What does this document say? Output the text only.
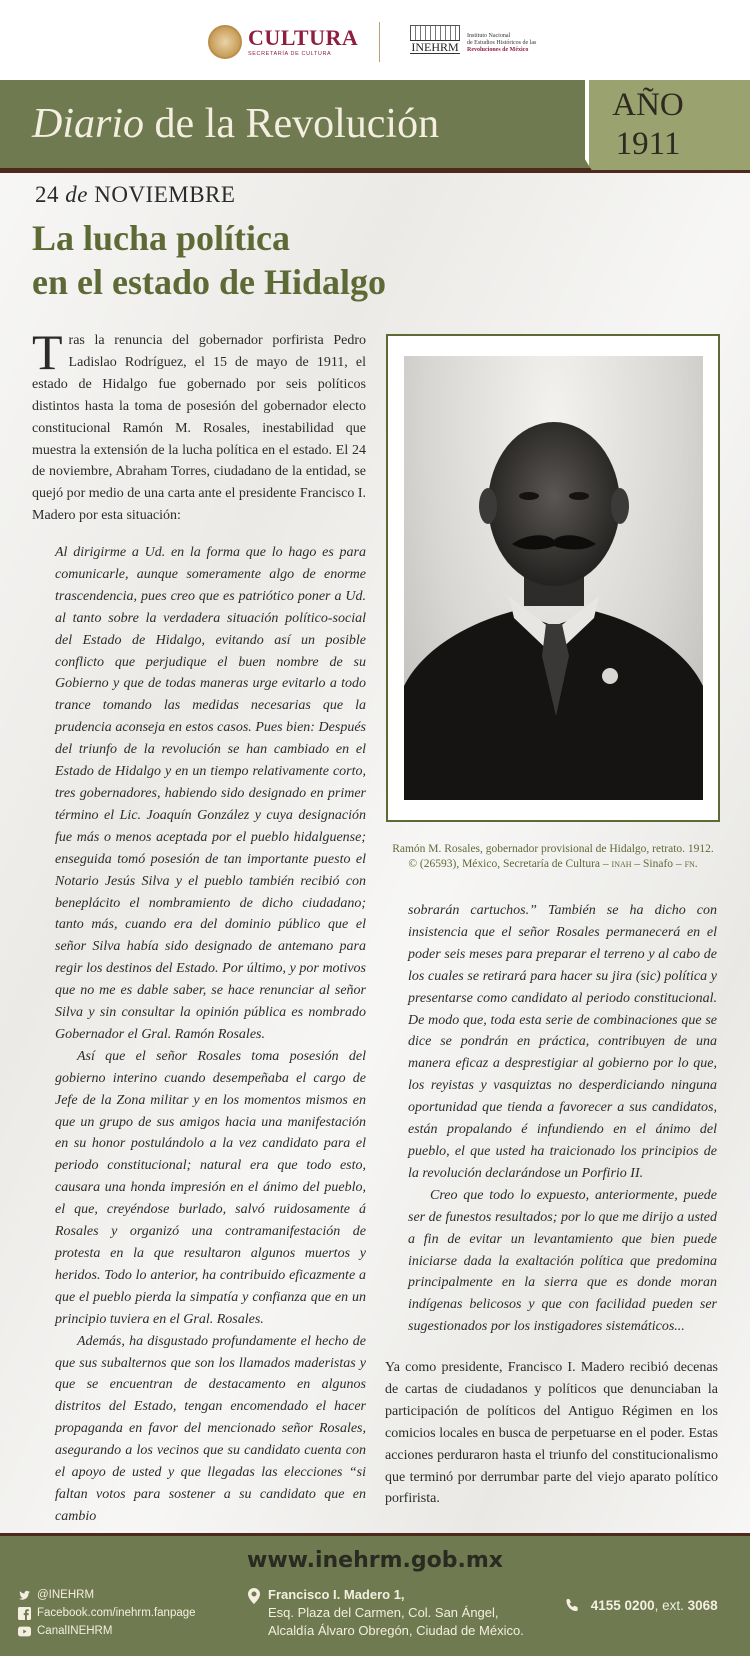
CULTURA
SECRETARÍA DE CULTURA	INEHRM
Instituto Nacional
de Estudios Históricos de las
Revoluciones de México
Diario de la Revolución	AÑO
1911
24 de NOVIEMBRE
La lucha política
en el estado de Hidalgo
Tras la renuncia del gobernador porfirista Pedro Ladislao Rodríguez, el 15 de mayo de 1911, el estado de Hidalgo fue gobernado por seis políticos distintos hasta la toma de posesión del gobernador electo constitucional Ramón M. Rosales, inestabilidad que muestra la extensión de la lucha política en el estado. El 24 de noviembre, Abraham Torres, ciudadano de la entidad, se quejó por medio de una carta ante el presidente Francisco I. Madero por esta situación:

Al dirigirme a Ud. en la forma que lo hago es para comunicarle, aunque someramente algo de enorme trascendencia, pues creo que es patriótico poner a Ud. al tanto sobre la verdadera situación político-social del Estado de Hidalgo, evitando así un posible conflicto que perjudique el buen nombre de su Gobierno y que de todas maneras urge evitarlo a todo trance tomando las medidas necesarias que la prudencia aconseja en estos casos. Pues bien: Después del triunfo de la revolución se han cambiado en el Estado de Hidalgo y en un tiempo relativamente corto, tres gobernadores, habiendo sido designado en primer término el Lic. Joaquín González y cuya designación fue más o menos aceptada por el pueblo hidalguense; enseguida tomó posesión de tan importante puesto el Notario Jesús Silva y el pueblo también recibió con beneplácito el nombramiento de dicho ciudadano; tanto más, cuando era del dominio público que el señor Silva había sido designado de antemano para regir los destinos del Estado. Por último, y por motivos que no me es dable saber, se hace renunciar al señor Silva y sin consultar la opinión pública es nombrado Gobernador el Gral. Ramón Rosales.

Así que el señor Rosales toma posesión del gobierno interino cuando desempeñaba el cargo de Jefe de la Zona militar y en los momentos mismos en que un grupo de sus amigos hacia una manifestación en su honor postulándolo a la vez candidato para el periodo constitucional; natural era que todo esto, causara una honda impresión en el ánimo del pueblo, el que, creyéndose burlado, salvó ruidosamente á Rosales y organizó una contramanifestación de protesta en la que resultaron algunos muertos y heridos. Todo lo anterior, ha contribuido eficazmente a que el pueblo pierda la simpatía y confianza que en un principio tuviera en el Gral. Rosales.

Además, ha disgustado profundamente el hecho de que sus subalternos que son los llamados maderistas y que se encuentran de destacamento en algunos distritos del Estado, tengan encomendado el hacer propaganda en favor del mencionado señor Rosales, asegurando a los vecinos que su candidato cuenta con el apoyo de usted y que llegadas las elecciones “si faltan votos para sostener a su candidato que en cambio

Ramón M. Rosales, gobernador provisional de Hidalgo, retrato. 1912.
© (26593), México, Secretaría de Cultura – inah – Sinafo – fn.

sobrarán cartuchos.” También se ha dicho con insistencia que el señor Rosales permanecerá en el poder seis meses para preparar el terreno y al cabo de los cuales se retirará para hacer su jira (sic) política y presentarse como candidato al periodo constitucional. De modo que, toda esta serie de combinaciones que se dice se pondrán en práctica, contribuyen de una manera eficaz a desprestigiar al gobierno por lo que, los reyistas y vasquiztas no desperdiciando ninguna oportunidad que tienda a favorecer a sus candidatos, están propalando é infundiendo en el ánimo del pueblo, el que usted ha traicionado los principios de la revolución declarándose un Porfirio II.

Creo que todo lo expuesto, anteriormente, puede ser de funestos resultados; por lo que me dirijo a usted a fin de evitar un levantamiento que bien puede iniciarse dada la exaltación política que predomina principalmente en la sierra que es donde moran indígenas belicosos y que con facilidad pueden ser sugestionados por los instigadores sistemáticos...

Ya como presidente, Francisco I. Madero recibió decenas de cartas de ciudadanos y políticos que denunciaban la participación de políticos del Antiguo Régimen en los comicios locales en busca de perpetuarse en el poder. Estas acciones perduraron hasta el triunfo del constitucionalismo que terminó por derrumbar parte del viejo aparato político porfirista.
www.inehrm.gob.mx
@INEHRM
Facebook.com/inehrm.fanpage
Canal INEHRM
Francisco I. Madero 1,
Esq. Plaza del Carmen, Col. San Ángel,
Alcaldía Álvaro Obregón, Ciudad de México.
4155 0200, ext. 3068
